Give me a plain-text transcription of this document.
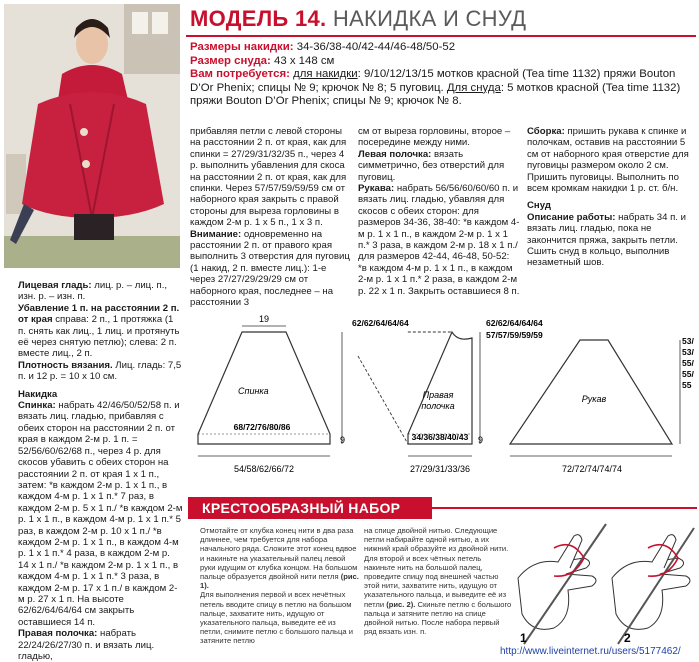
МОДЕЛЬ 14. НАКИДКА И СНУД

Размеры накидки: 34-36/38-40/42-44/46-48/50-52

Размер снуда: 43 х 148 см

Вам потребуется: для накидки: 9/10/12/13/15 мотков красной (Tea time 1132) пряжи Bouton D’Or Phenix; спицы № 9; крючок № 8; 5 пуговиц. Для снуда: 5 мотков красной (Tea time 1132) пряжи Bouton D’Or Phenix; спицы № 9; крючок № 8.

Лицевая гладь: лиц. р. – лиц. п., изн. р. – изн. п.

Убавление 1 п. на расстоянии 2 п. от края справа: 2 п., 1 протяжка (1 п. снять как лиц., 1 лиц. и протянуть её через снятую петлю); слева: 2 п. вместе лиц., 2 п.

Плотность вязания. Лиц. гладь: 7,5 п. и 12 р. = 10 х 10 см.

Накидка

Спинка: набрать 42/46/50/52/58 п. и вязать лиц. гладью, прибавляя с обеих сторон на расстоянии 2 п. от края в каждом 2-м р. 1 п. = 52/56/60/62/68 п., через 4 р. для скосов убавить с обеих сторон на расстоянии 2 п. от края 1 х 1 п., затем: *в каждом 2-м р. 1 х 1 п., в каждом 4-м р. 1 х 1 п.* 7 раз, в каждом 2-м р. 5 х 1 п./ *в каждом 2-м р. 1 х 1 п., в каждом 4-м р. 1 х 1 п.* 5 раз, в каждом 2-м р. 10 х 1 п./ *в каждом 2-м р. 1 х 1 п., в каждом 4-м р. 1 х 1 п.* 4 раза, в каждом 2-м р. 14 х 1 п./ *в каждом 2-м р. 1 х 1 п., в каждом 4-м р. 1 х 1 п.* 3 раза, в каждом 2-м р. 17 х 1 п./ в каждом 2-м р. 27 х 1 п. На высоте 62/62/64/64/64 см закрыть оставшиеся 14 п.

Правая полочка: набрать 22/24/26/27/30 п. и вязать лиц. гладью,

прибавляя петли с левой стороны на расстоянии 2 п. от края, как для спинки = 27/29/31/32/35 п., через 4 р. выполнить убавления для скоса на расстоянии 2 п. от края, как для спинки. Через 57/57/59/59/59 см от наборного края закрыть с правой стороны для выреза горловины в каждом 2-м р. 1 х 5 п., 1 х 3 п.

Внимание: одновременно на расстоянии 2 п. от правого края выполнить 3 отверстия для пуговиц (1 накид, 2 п. вместе лиц.): 1-е через 27/27/29/29/29 см от наборного края, последнее – на расстоянии 3

см от выреза горловины, второе – посередине между ними.

Левая полочка: вязать симметрично, без отверстий для пуговиц.

Рукава: набрать 56/56/60/60/60 п. и вязать лиц. гладью, убавляя для скосов с обеих сторон: для размеров 34-36, 38-40: *в каждом 4-м р. 1 х 1 п., в каждом 2-м р. 1 х 1 п.* 3 раза, в каждом 2-м р. 18 х 1 п./ для размеров 42-44, 46-48, 50-52: *в каждом 4-м р. 1 х 1 п., в каждом 2-м р. 1 х 1 п.* 2 раза, в каждом 2-м р. 22 х 1 п. Закрыть оставшиеся 8 п.

Сборка: пришить рукава к спинке и полочкам, оставив на расстоянии 5 см от наборного края отверстие для пуговицы размером около 2 см. Пришить пуговицы. Выполнить по всем кромкам накидки 1 р. ст. б/н.

Снуд

Описание работы: набрать 34 п. и вязать лиц. гладью, пока не закончится пряжа, закрыть петли. Сшить снуд в кольцо, выполнив незаметный шов.

19	62/62/64/64/64
Спинка
68/72/76/80/86
9
54/58/62/66/72
62/62/64/64/64
57/57/59/59/59
Правая
полочка
34/36/38/40/43 9
27/29/31/33/36
53/
53/
55/
55/
55
Рукав
72/72/74/74/74
КРЕСТООБРАЗНЫЙ НАБОР

Отмотайте от клубка конец нити в два раза длиннее, чем требуется для набора начального ряда. Сложите этот конец вдвое и накиньте на указательный палец левой руки идущим от клубка концом. На большом пальце образуется двойной нити петля (рис. 1).

Для выполнения первой и всех нечётных петель вводите спицу в петлю на большом пальце, захватите нить, идущую от указательного пальца, выведите её из петли, снимите петлю с большого пальца и затяните петлю

на спице двойной нитью. Следующие петли набирайте одной нитью, а их нижний край образуйте из двойной нити.

Для второй и всех чётных петель накиньте нить на большой палец, проведите спицу под внешней частью этой нити, захватите нить, идущую от указательного пальца, и выведите её из петли (рис. 2). Скиньте петлю с большого пальца и затяните петлю на спице двойной нитью. После набора первый ряд вязать изн. п.	1	2
http://www.liveinternet.ru/users/5177462/
